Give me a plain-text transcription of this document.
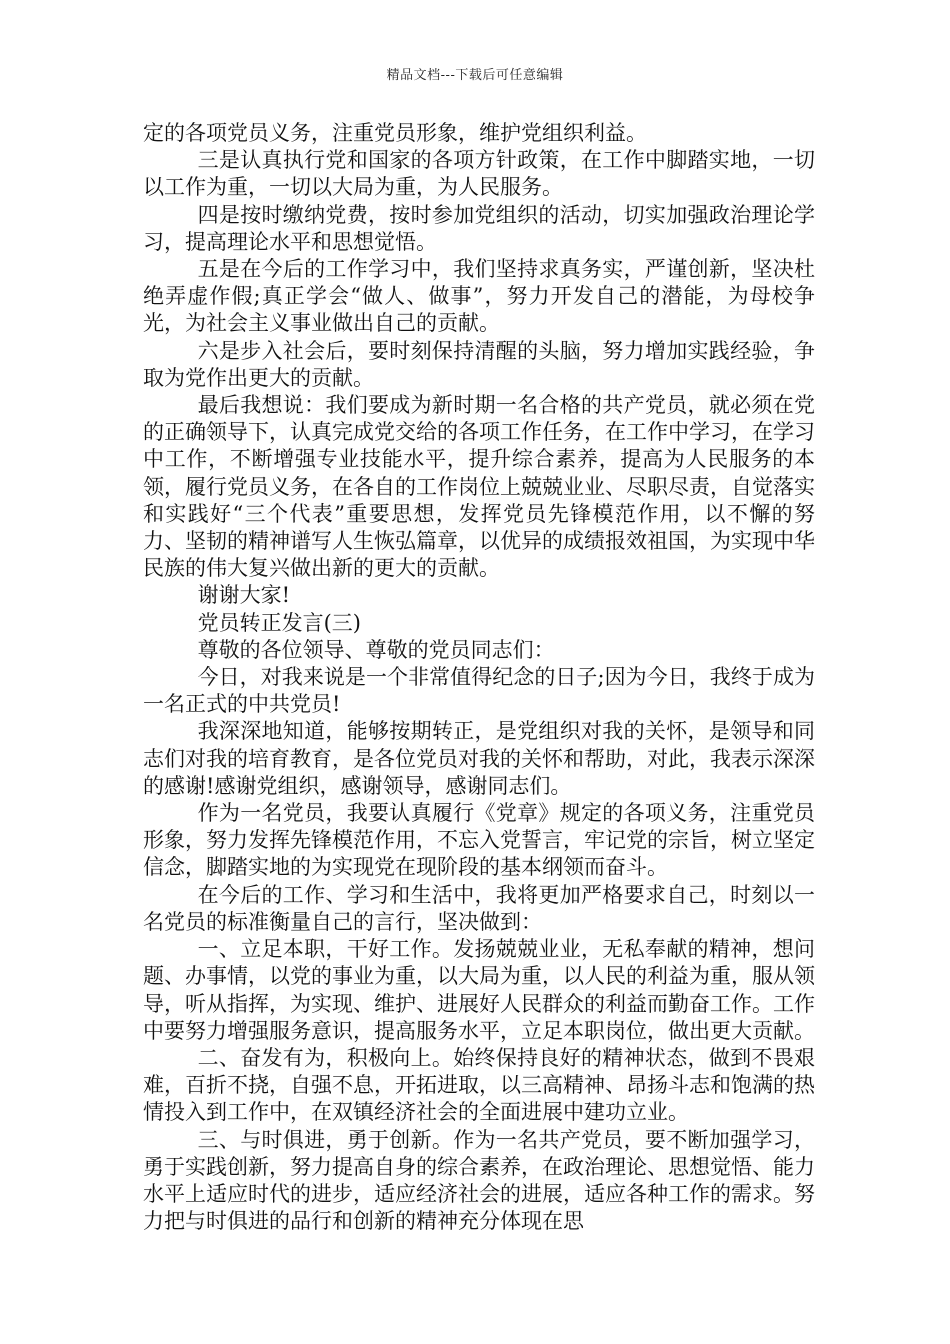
精品文档---下载后可任意编辑

定的各项党员义务，注重党员形象，维护党组织利益。

三是认真执行党和国家的各项方针政策，在工作中脚踏实地，一切以工作为重，一切以大局为重，为人民服务。

四是按时缴纳党费，按时参加党组织的活动，切实加强政治理论学习，提高理论水平和思想觉悟。

五是在今后的工作学习中，我们坚持求真务实，严谨创新，坚决杜绝弄虚作假;真正学会“做人、做事”，努力开发自己的潜能，为母校争光，为社会主义事业做出自己的贡献。

六是步入社会后，要时刻保持清醒的头脑，努力增加实践经验，争取为党作出更大的贡献。

最后我想说：我们要成为新时期一名合格的共产党员，就必须在党的正确领导下，认真完成党交给的各项工作任务，在工作中学习，在学习中工作，不断增强专业技能水平，提升综合素养，提高为人民服务的本领，履行党员义务，在各自的工作岗位上兢兢业业、尽职尽责，自觉落实和实践好“三个代表”重要思想，发挥党员先锋模范作用，以不懈的努力、坚韧的精神谱写人生恢弘篇章，以优异的成绩报效祖国，为实现中华民族的伟大复兴做出新的更大的贡献。

谢谢大家!

党员转正发言(三)

尊敬的各位领导、尊敬的党员同志们：

今日，对我来说是一个非常值得纪念的日子;因为今日，我终于成为一名正式的中共党员!

我深深地知道，能够按期转正，是党组织对我的关怀，是领导和同志们对我的培育教育，是各位党员对我的关怀和帮助，对此，我表示深深的感谢!感谢党组织，感谢领导，感谢同志们。

作为一名党员，我要认真履行《党章》规定的各项义务，注重党员形象，努力发挥先锋模范作用，不忘入党誓言，牢记党的宗旨，树立坚定信念，脚踏实地的为实现党在现阶段的基本纲领而奋斗。

在今后的工作、学习和生活中，我将更加严格要求自己，时刻以一名党员的标准衡量自己的言行，坚决做到：

一、立足本职，干好工作。发扬兢兢业业，无私奉献的精神，想问题、办事情，以党的事业为重，以大局为重，以人民的利益为重，服从领导，听从指挥，为实现、维护、进展好人民群众的利益而勤奋工作。工作中要努力增强服务意识，提高服务水平，立足本职岗位，做出更大贡献。

二、奋发有为，积极向上。始终保持良好的精神状态，做到不畏艰难，百折不挠，自强不息，开拓进取，以三高精神、昂扬斗志和饱满的热情投入到工作中，在双镇经济社会的全面进展中建功立业。

三、与时俱进，勇于创新。作为一名共产党员，要不断加强学习，勇于实践创新，努力提高自身的综合素养，在政治理论、思想觉悟、能力水平上适应时代的进步，适应经济社会的进展，适应各种工作的需求。努力把与时俱进的品行和创新的精神充分体现在思
